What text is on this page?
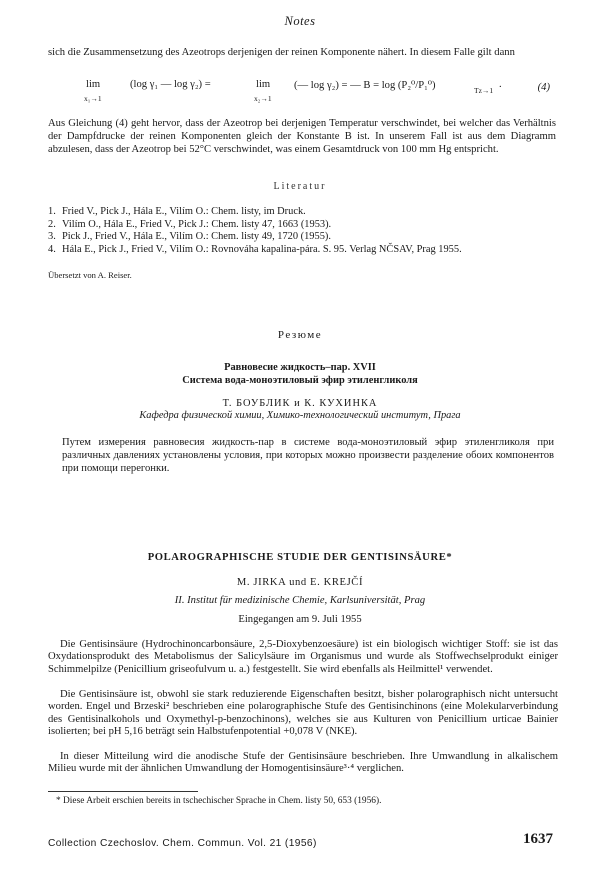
Notes
sich die Zusammensetzung des Azeotrops derjenigen der reinen Komponente nähert. In diesem Falle gilt dann
lim
x₁→1
(log γ₁ — log γ₂) =	lim
x₂→1
(— log γ₂) = — B = log (P₂⁰/P₁⁰)	Tz→1
.	(4)
Aus Gleichung (4) geht hervor, dass der Azeotrop bei derjenigen Temperatur verschwindet, bei welcher das Verhältnis der Dampfdrucke der reinen Komponenten gleich der Konstante B ist. In unserem Fall ist aus dem Diagramm abzulesen, dass der Azeotrop bei 52°C verschwindet, was einem Gesamtdruck von 100 mm Hg entspricht.
Literatur
1. Fried V., Pick J., Hála E., Vilím O.: Chem. listy, im Druck.
2. Vilím O., Hála E., Fried V., Pick J.: Chem. listy 47, 1663 (1953).
3. Pick J., Fried V., Hála E., Vilím O.: Chem. listy 49, 1720 (1955).
4. Hála E., Pick J., Fried V., Vilím O.: Rovnováha kapalina-pára. S. 95. Verlag NČSAV, Prag 1955.
Übersetzt von A. Reiser.
Резюме
Равновесие жидкость–пар. XVII
Система вода-моноэтиловый эфир этиленгликоля
Т. БОУБЛИК и К. КУХИНКА
Кафедра физической химии, Химико-технологический институт, Прага
Путем измерения равновесия жидкость-пар в системе вода-моноэтиловый эфир этиленгликоля при различных давлениях установлены условия, при которых можно произвести разделение обоих компонентов при помощи перегонки.
POLAROGRAPHISCHE STUDIE DER GENTISINSÄURE*
M. JIRKA und E. KREJČÍ
II. Institut für medizinische Chemie, Karlsuniversität, Prag
Eingegangen am 9. Juli 1955
Die Gentisinsäure (Hydrochinoncarbonsäure, 2,5-Dioxybenzoesäure) ist ein biologisch wichtiger Stoff: sie ist das Oxydationsprodukt des Metabolismus der Salicylsäure im Organismus und wurde als Stoffwechselprodukt einiger Schimmelpilze (Penicillium griseofulvum u. a.) festgestellt. Sie wird ebenfalls als Heilmittel¹ verwendet.
Die Gentisinsäure ist, obwohl sie stark reduzierende Eigenschaften besitzt, bisher polarographisch nicht untersucht worden. Engel und Brzeski² beschrieben eine polarographische Stufe des Gentisinchinons (eine Molekularverbindung des Gentisinalkohols und Oxymethyl-p-benzochinons), welches sie aus Kulturen von Penicillium urticae Bainier isolierten; bei pH 5,16 beträgt sein Halbstufenpotential +0,078 V (NKE).
In dieser Mitteilung wird die anodische Stufe der Gentisinsäure beschrieben. Ihre Umwandlung in alkalischem Milieu wurde mit der ähnlichen Umwandlung der Homogentisinsäure³·⁴ verglichen.
* Diese Arbeit erschien bereits in tschechischer Sprache in Chem. listy 50, 653 (1956).
Collection Czechoslov. Chem. Commun. Vol. 21 (1956)	1637
